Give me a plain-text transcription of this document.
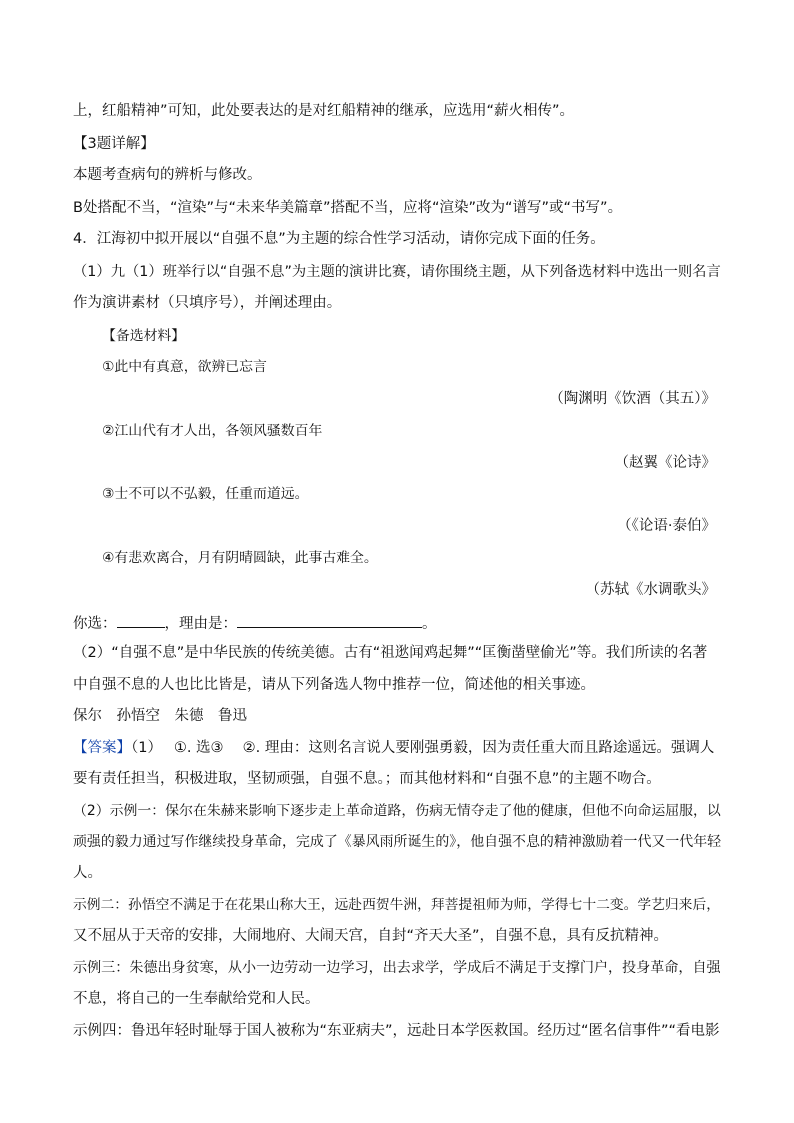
上，红船精神”可知，此处要表达的是对红船精神的继承，应选用“薪火相传”。
【3题详解】
本题考查病句的辨析与修改。
B处搭配不当，“渲染”与“未来华美篇章”搭配不当，应将“渲染”改为“谱写”或“书写”。
4．江海初中拟开展以“自强不息”为主题的综合性学习活动，请你完成下面的任务。
（1）九（1）班举行以“自强不息”为主题的演讲比赛，请你围绕主题，从下列备选材料中选出一则名言
作为演讲素材（只填序号），并阐述理由。
【备选材料】
①此中有真意，欲辨已忘言
（陶渊明《饮酒（其五）》
②江山代有才人出，各领风骚数百年
（赵翼《论诗》
③士不可以不弘毅，任重而道远。
（《论语·泰伯》
④有悲欢离合，月有阴晴圆缺，此事古难全。
（苏轼《水调歌头》
你选：	，理由是：	。
（2）“自强不息”是中华民族的传统美德。古有“祖逖闻鸡起舞”“匡衡凿壁偷光”等。我们所读的名著
中自强不息的人也比比皆是，请从下列备选人物中推荐一位，简述他的相关事迹。
保尔　孙悟空　朱德　鲁迅
【答案】（1）　 ①. 选③　 ②. 理由：这则名言说人要刚强勇毅，因为责任重大而且路途遥远。强调人
要有责任担当，积极进取，坚韧顽强，自强不息。；而其他材料和“自强不息”的主题不吻合。
（2）示例一：保尔在朱赫来影响下逐步走上革命道路，伤病无情夺走了他的健康，但他不向命运屈服，以
顽强的毅力通过写作继续投身革命，完成了《暴风雨所诞生的》，他自强不息的精神激励着一代又一代年轻
人。
示例二：孙悟空不满足于在花果山称大王，远赴西贺牛洲，拜菩提祖师为师，学得七十二变。学艺归来后，
又不屈从于天帝的安排，大闹地府、大闹天宫，自封“齐天大圣”，自强不息，具有反抗精神。
示例三：朱德出身贫寒，从小一边劳动一边学习，出去求学，学成后不满足于支撑门户，投身革命，自强
不息，将自己的一生奉献给党和人民。
示例四：鲁迅年轻时耻辱于国人被称为“东亚病夫”，远赴日本学医救国。经历过“匿名信事件”“看电影
